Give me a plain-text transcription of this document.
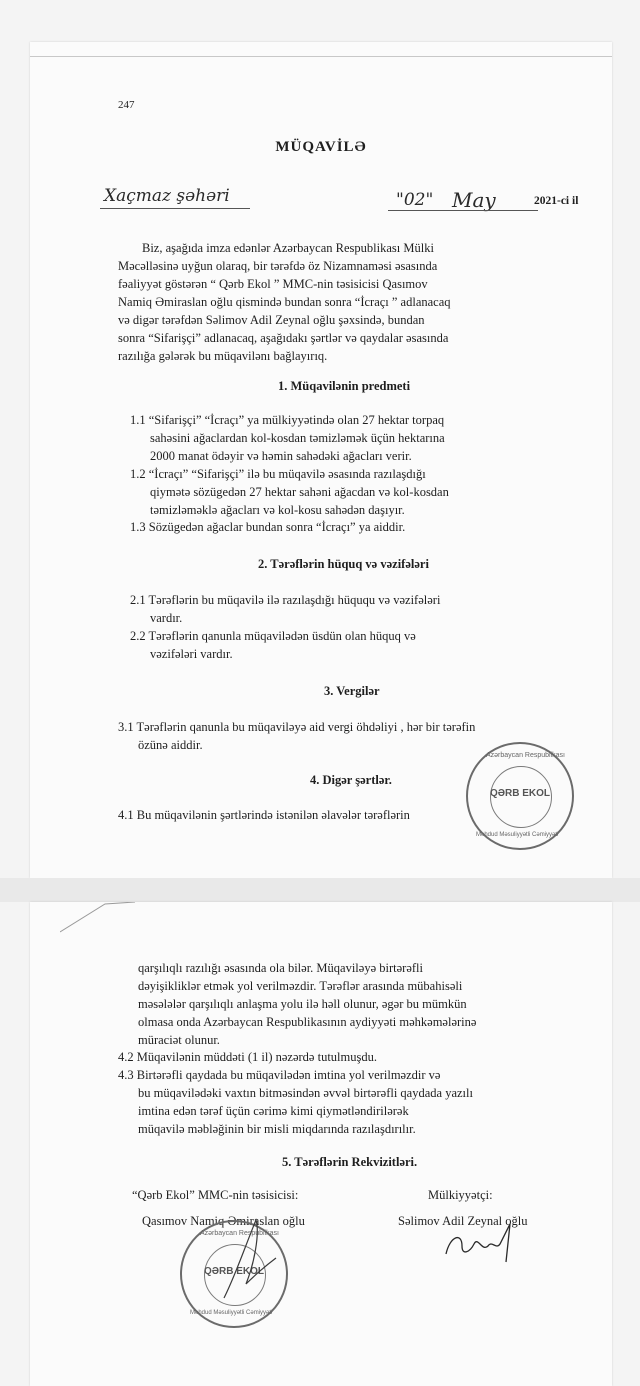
247
MÜQAVİLƏ
Xaçmaz şəhəri	"02" May	2021-ci il
Biz, aşağıda imza edənlər Azərbaycan Respublikası Mülki
Məcəlləsinə uyğun olaraq, bir tərəfdə öz Nizamnaməsi əsasında
fəaliyyət göstərən “ Qərb Ekol ” MMC-nin təsisicisi Qasımov
Namiq Əmiraslan oğlu qismində bundan sonra “İcraçı ” adlanacaq
və digər tərəfdən Səlimov Adil Zeynal oğlu şəxsində, bundan
sonra “Sifarişçi” adlanacaq, aşağıdakı şərtlər və qaydalar əsasında
razılığa gələrək bu müqavilənı bağlayırıq.
1. Müqavilənin predmeti
1.1 “Sifarişçi” “İcraçı” ya mülkiyyətində olan 27 hektar torpaq
sahəsini ağaclardan kol-kosdan təmizləmək üçün hektarına
2000 manat ödəyir və həmin sahədəki ağacları verir.
1.2 “İcraçı” “Sifarişçi” ilə bu müqavilə əsasında razılaşdığı
qiymətə sözügedən 27 hektar sahəni ağacdan və kol-kosdan
təmizləməklə ağacları və kol-kosu sahədən daşıyır.
1.3 Sözügedən ağaclar bundan sonra “İcraçı” ya aiddir.
2. Tərəflərin hüquq və vəzifələri
2.1 Tərəflərin bu müqavilə ilə razılaşdığı hüququ və vəzifələri
vardır.
2.2 Tərəflərin qanunla müqavilədən üsdün olan hüquq və
vəzifələri vardır.
3. Vergilər
3.1 Tərəflərin qanunla bu müqaviləyə aid vergi öhdəliyi , hər bir tərəfin
özünə aiddir.
4. Digər şərtlər.
4.1 Bu müqavilənin şərtlərində istənilən əlavələr tərəflərin
Azərbaycan Respublikası
QƏRB EKOL
Məhdud Məsuliyyətli Cəmiyyəti
qarşılıqlı razılığı əsasında ola bilər. Müqaviləyə birtərəfli
dəyişikliklər etmək yol verilməzdir. Tərəflər arasında mübahisəli
məsələlər qarşılıqlı anlaşma yolu ilə həll olunur, əgər bu mümkün
olmasa onda Azərbaycan Respublikasının aydiyyəti məhkəmələrinə
müraciət olunur.
4.2 Müqavilənin müddəti (1 il) nəzərdə tutulmuşdu.
4.3 Birtərəfli qaydada bu müqavilədən imtina yol verilməzdir və
bu müqavilədəki vaxtın bitməsindən əvvəl birtərəfli qaydada yazılı
imtina edən tərəf üçün cərimə kimi qiymətləndirilərək
müqavilə məbləğinin bir misli miqdarında razılaşdırılır.
5. Tərəflərin Rekvizitləri.
“Qərb Ekol” MMC-nin təsisicisi:
Qasımov Namiq Əmiraslan oğlu
Mülkiyyətçi:
Səlimov Adil Zeynal oğlu
Azərbaycan Respublikası
QƏRB EKOL
Məhdud Məsuliyyətli Cəmiyyəti
